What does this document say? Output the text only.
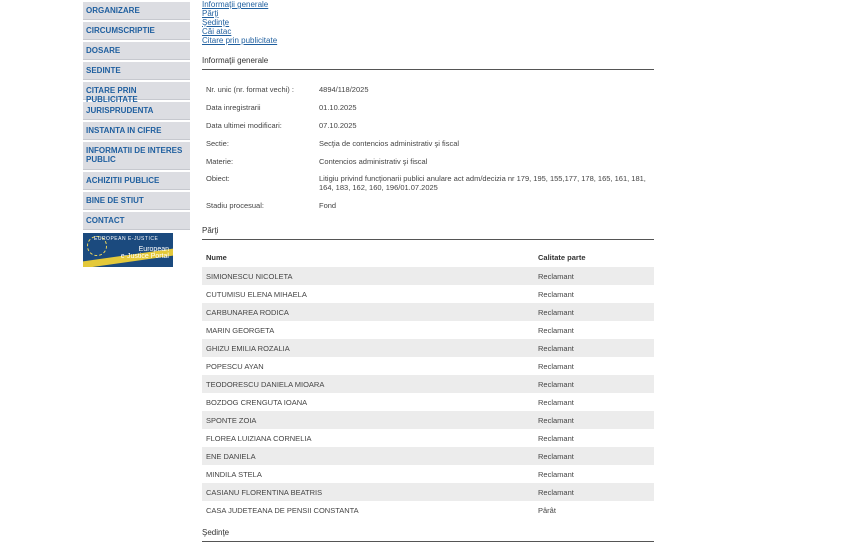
ORGANIZARE
CIRCUMSCRIPTIE
DOSARE
SEDINTE
CITARE PRIN PUBLICITATE
JURISPRUDENTA
INSTANTA IN CIFRE
INFORMATII DE INTERES PUBLIC
ACHIZITII PUBLICE
BINE DE STIUT
CONTACT
EUROPEAN E-JUSTICE
European
e-Justice Portal
Informaţii generale
Părţi
Şedinţe
Căi atac
Citare prin publicitate
Informaţii generale
Nr. unic (nr. format vechi) :	4894/118/2025
Data inregistrarii	01.10.2025
Data ultimei modificari:	07.10.2025
Sectie:	Secţia de contencios administrativ şi fiscal
Materie:	Contencios administrativ şi fiscal
Obiect:	Litigiu privind funcţionarii publici anulare act adm/decizia nr 179, 195, 155,177, 178, 165, 161, 181, 164, 183, 162, 160, 196/01.07.2025
Stadiu procesual:	Fond
Părţi
Nume	Calitate parte
SIMIONESCU NICOLETA	Reclamant
CUTUMISU ELENA MIHAELA	Reclamant
CARBUNAREA RODICA	Reclamant
MARIN GEORGETA	Reclamant
GHIZU EMILIA ROZALIA	Reclamant
POPESCU AYAN	Reclamant
TEODORESCU DANIELA MIOARA	Reclamant
BOZDOG CRENGUTA IOANA	Reclamant
SPONTE ZOIA	Reclamant
FLOREA LUIZIANA CORNELIA	Reclamant
ENE DANIELA	Reclamant
MINDILA STELA	Reclamant
CASIANU FLORENTINA BEATRIS	Reclamant
CASA JUDETEANA DE PENSII CONSTANTA	Pârât
Şedinţe
